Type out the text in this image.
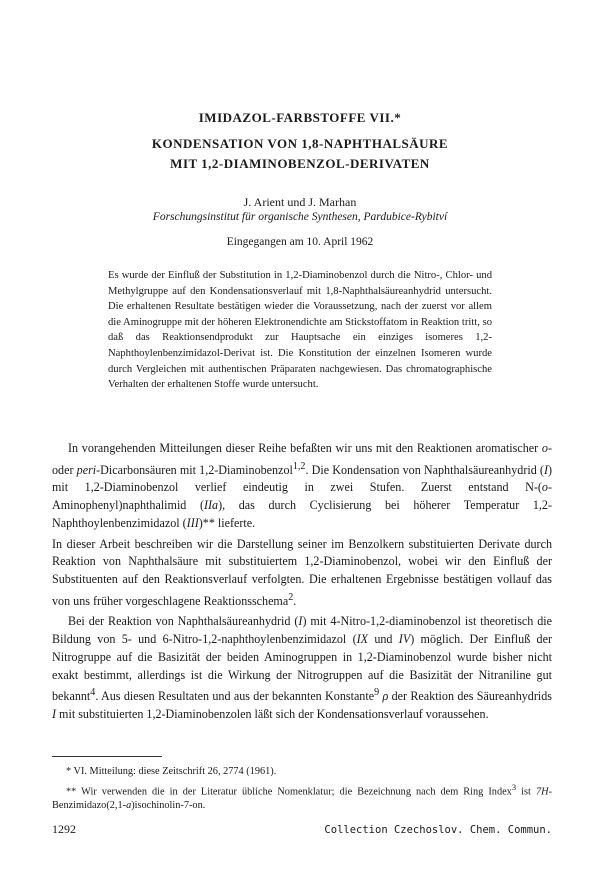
IMIDAZOL-FARBSTOFFE VII.*
KONDENSATION VON 1,8-NAPHTHALSÄURE
MIT 1,2-DIAMINOBENZOL-DERIVATEN
J. Arient und J. Marhan
Forschungsinstitut für organische Synthesen, Pardubice-Rybitví
Eingegangen am 10. April 1962
Es wurde der Einfluß der Substitution in 1,2-Diaminobenzol durch die Nitro-, Chlor- und Methylgruppe auf den Kondensationsverlauf mit 1,8-Naphthalsäureanhydrid untersucht. Die erhaltenen Resultate bestätigen wieder die Voraussetzung, nach der zuerst vor allem die Aminogruppe mit der höheren Elektronendichte am Stickstoffatom in Reaktion tritt, so daß das Reaktionsendprodukt zur Hauptsache ein einziges isomeres 1,2-Naphthoylenbenzimidazol-Derivat ist. Die Konstitution der einzelnen Isomeren wurde durch Vergleichen mit authentischen Präparaten nachgewiesen. Das chromatographische Verhalten der erhaltenen Stoffe wurde untersucht.

In vorangehenden Mitteilungen dieser Reihe befaßten wir uns mit den Reaktionen aromatischer o- oder peri-Dicarbonsäuren mit 1,2-Diaminobenzol$^{1,2}$. Die Kondensation von Naphthalsäureanhydrid (I) mit 1,2-Diaminobenzol verlief eindeutig in zwei Stufen. Zuerst entstand N-(o-Aminophenyl)naphthalimid (IIa), das durch Cyclisierung bei höherer Temperatur 1,2-Naphthoylenbenzimidazol (III)** lieferte.

In dieser Arbeit beschreiben wir die Darstellung seiner im Benzolkern substituierten Derivate durch Reaktion von Naphthalsäure mit substituiertem 1,2-Diaminobenzol, wobei wir den Einfluß der Substituenten auf den Reaktionsverlauf verfolgten. Die erhaltenen Ergebnisse bestätigen vollauf das von uns früher vorgeschlagene Reaktionsschema$^2$.

Bei der Reaktion von Naphthalsäureanhydrid (I) mit 4-Nitro-1,2-diaminobenzol ist theoretisch die Bildung von 5- und 6-Nitro-1,2-naphthoylenbenzimidazol (IX und IV) möglich. Der Einfluß der Nitrogruppe auf die Basizität der beiden Aminogruppen in 1,2-Diaminobenzol wurde bisher nicht exakt bestimmt, allerdings ist die Wirkung der Nitrogruppen auf die Basizität der Nitraniline gut bekannt$^4$. Aus diesen Resultaten und aus der bekannten Konstante$^9$ ρ der Reaktion des Säureanhydrids I mit substituierten 1,2-Diaminobenzolen läßt sich der Kondensationsverlauf voraussehen.

* VI. Mitteilung: diese Zeitschrift 26, 2774 (1961).

** Wir verwenden die in der Literatur übliche Nomenklatur; die Bezeichnung nach dem Ring Index$^3$ ist 7H-Benzimidazo(2,1-a)isochinolin-7-on.

1292	Collection Czechoslov. Chem. Commun.
